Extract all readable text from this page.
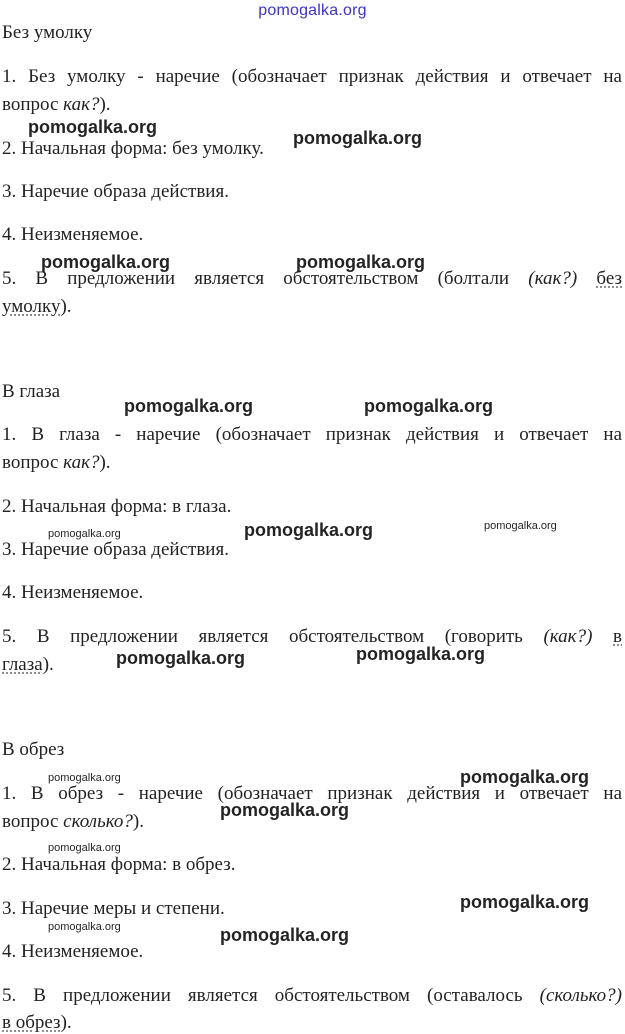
pomogalka.org
Без умолку
1. Без умолку - наречие (обозначает признак действия и отвечает на
вопрос как?).
2. Начальная форма: без умолку.
3. Наречие образа действия.
4. Неизменяемое.
5. В предложении является обстоятельством (болтали (как?) без
умолку).
В глаза
1. В глаза - наречие (обозначает признак действия и отвечает на
вопрос как?).
2. Начальная форма: в глаза.
3. Наречие образа действия.
4. Неизменяемое.
5. В предложении является обстоятельством (говорить (как?) в
глаза).
В обрез
1. В обрез - наречие (обозначает признак действия и отвечает на
вопрос сколько?).
2. Начальная форма: в обрез.
3. Наречие меры и степени.
4. Неизменяемое.
5. В предложении является обстоятельством (оставалось (сколько?)
в обрез).
pomogalka.org
pomogalka.org
pomogalka.org	pomogalka.org
pomogalka.org	pomogalka.org
pomogalka.org	pomogalka.org	pomogalka.org
pomogalka.org	pomogalka.org
pomogalka.org	pomogalka.org
pomogalka.org
pomogalka.org
pomogalka.org
pomogalka.org	pomogalka.org
